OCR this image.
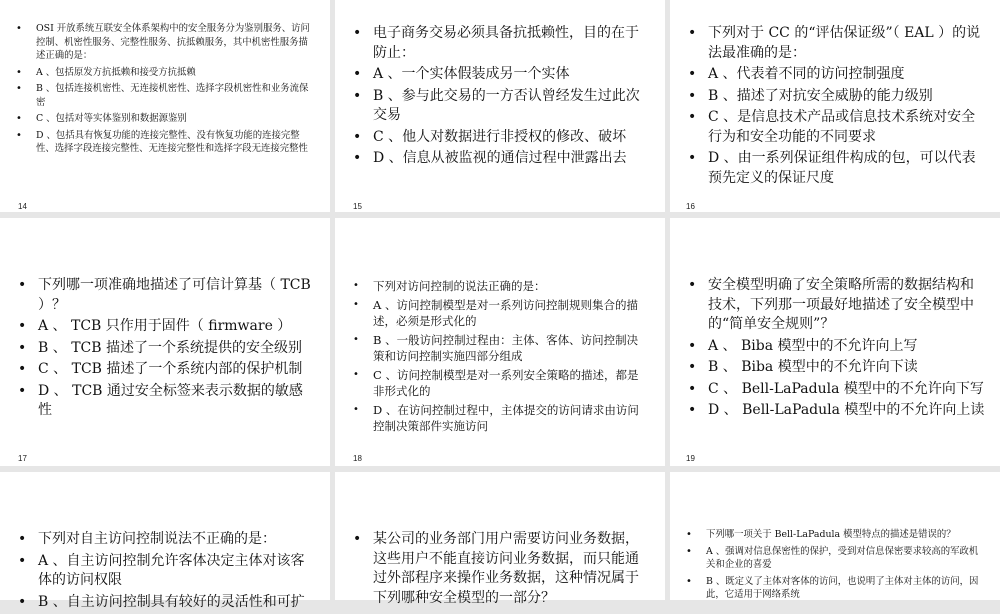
• OSI 开放系统互联安全体系架构中的安全服务分为鉴别服务、访问控制、机密性服务、完整性服务、抗抵赖服务，其中机密性服务描述正确的是：
• A 、包括原发方抗抵赖和接受方抗抵赖
• B 、包括连接机密性、无连接机密性、选择字段机密性和业务流保密
• C 、包括对等实体鉴别和数据源鉴别
• D 、包括具有恢复功能的连接完整性、没有恢复功能的连接完整性、选择字段连接完整性、无连接完整性和选择字段无连接完整性
14
• 电子商务交易必须具备抗抵赖性，目的在于防止：
• A 、一个实体假装成另一个实体
• B 、参与此交易的一方否认曾经发生过此次交易
• C 、他人对数据进行非授权的修改、破坏
• D 、信息从被监视的通信过程中泄露出去
15
• 下列对于 CC 的“评估保证级”（ EAL ）的说法最准确的是：
• A 、代表着不同的访问控制强度
• B 、描述了对抗安全威胁的能力级别
• C 、是信息技术产品或信息技术系统对安全行为和安全功能的不同要求
• D 、由一系列保证组件构成的包，可以代表预先定义的保证尺度
16
• 下列哪一项准确地描述了可信计算基（ TCB ）？
• A 、 TCB 只作用于固件（ firmware ）
• B 、 TCB 描述了一个系统提供的安全级别
• C 、 TCB 描述了一个系统内部的保护机制
• D 、 TCB 通过安全标签来表示数据的敏感性
17
• 下列对访问控制的说法正确的是：
• A 、访问控制模型是对一系列访问控制规则集合的描述，必须是形式化的
• B 、一般访问控制过程由：主体、客体、访问控制决策和访问控制实施四部分组成
• C 、访问控制模型是对一系列安全策略的描述，都是非形式化的
• D 、在访问控制过程中，主体提交的访问请求由访问控制决策部件实施访问
18
• 安全模型明确了安全策略所需的数据结构和技术，下列那一项最好地描述了安全模型中的“简单安全规则”？
• A 、 Biba 模型中的不允许向上写
• B 、 Biba 模型中的不允许向下读
• C 、 Bell-LaPadula 模型中的不允许向下写
• D 、 Bell-LaPadula 模型中的不允许向上读
19
• 下列对自主访问控制说法不正确的是：
• A 、自主访问控制允许客体决定主体对该客体的访问权限
• B 、自主访问控制具有较好的灵活性和可扩
• 某公司的业务部门用户需要访问业务数据，这些用户不能直接访问业务数据，而只能通过外部程序来操作业务数据，这种情况属于下列哪种安全模型的一部分？
• 下列哪一项关于 Bell-LaPadula 模型特点的描述是错误的？
• A 、强调对信息保密性的保护，受到对信息保密要求较高的军政机关和企业的喜爱
• B 、既定义了主体对客体的访问，也说明了主体对主体的访问，因此，它适用于网络系统
